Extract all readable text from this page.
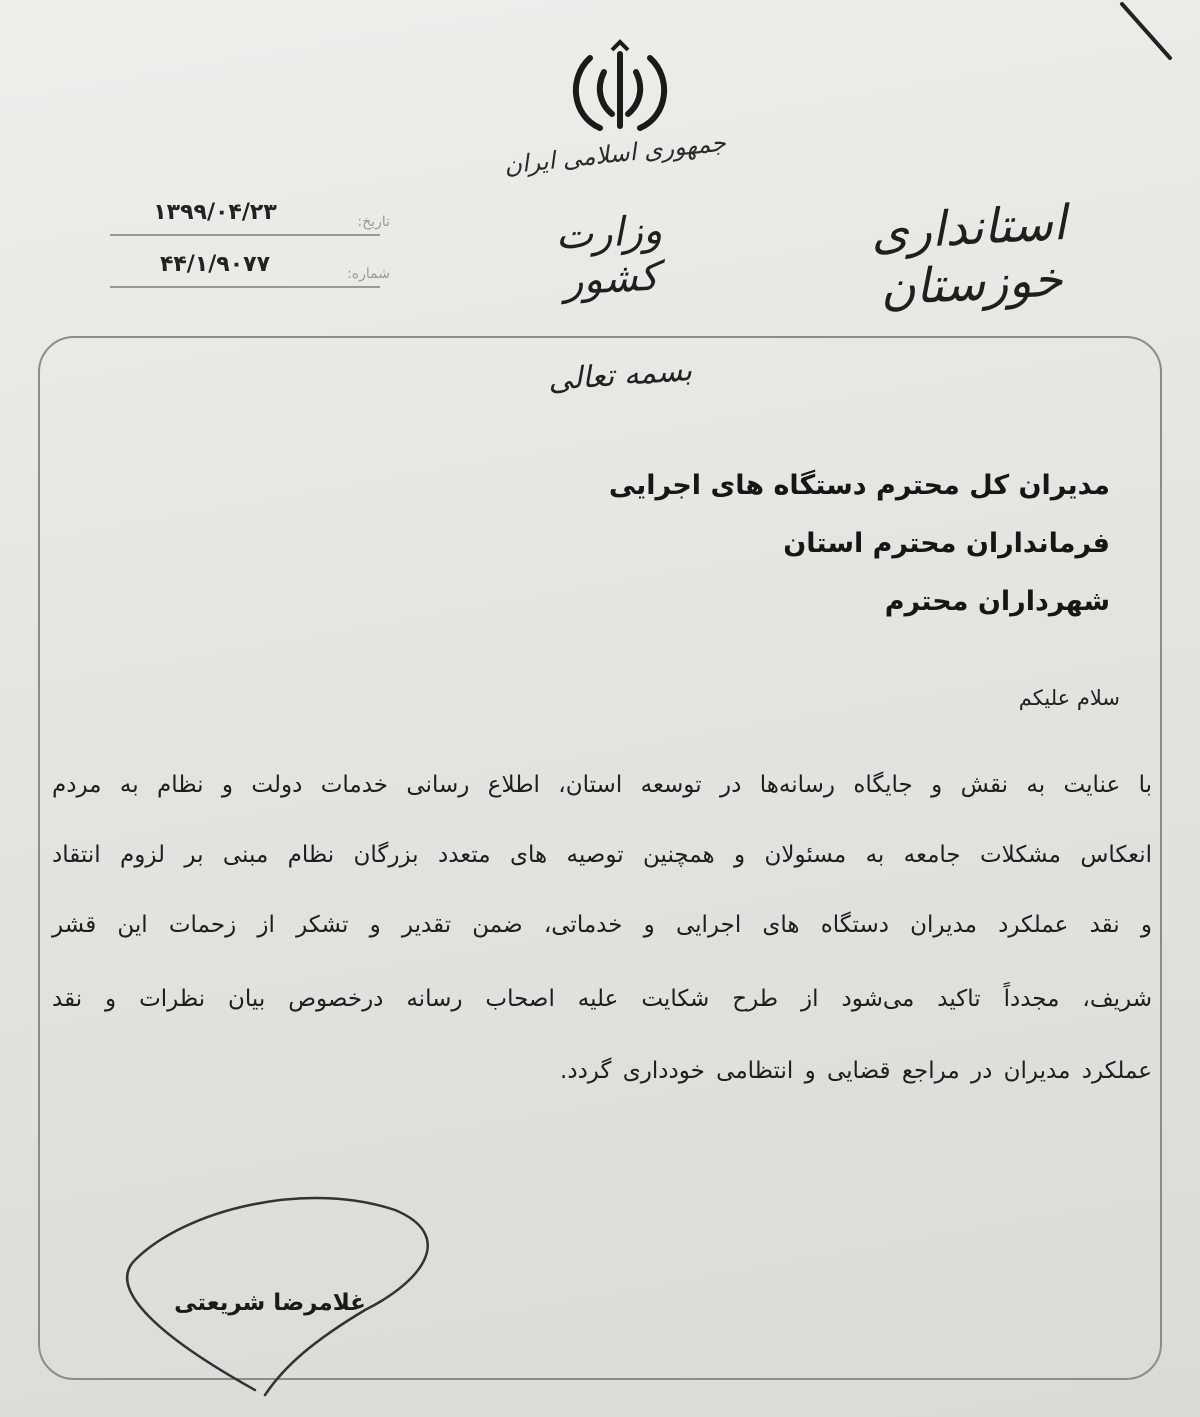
جمهوری اسلامی ایران
وزارت کشور
استانداری خوزستان
۱۳۹۹/۰۴/۲۳	تاریخ:
۴۴/۱/۹۰۷۷	شماره:
بسمه تعالی
مدیران کل محترم دستگاه های اجرایی
فرمانداران محترم استان
شهرداران محترم
سلام علیکم
با عنایت به نقش و جایگاه رسانه‌ها در توسعه استان، اطلاع رسانی خدمات دولت و نظام به مردم
انعکاس مشکلات جامعه به مسئولان و همچنین توصیه های متعدد بزرگان نظام مبنی بر لزوم انتقاد
و نقد عملکرد مدیران دستگاه های اجرایی و خدماتی، ضمن تقدیر و تشکر از زحمات این قشر
شریف، مجدداً تاکید می‌شود از طرح شکایت علیه اصحاب رسانه درخصوص بیان نظرات و نقد
عملکرد مدیران در مراجع قضایی و انتظامی خودداری گردد.
غلامرضا شریعتی
